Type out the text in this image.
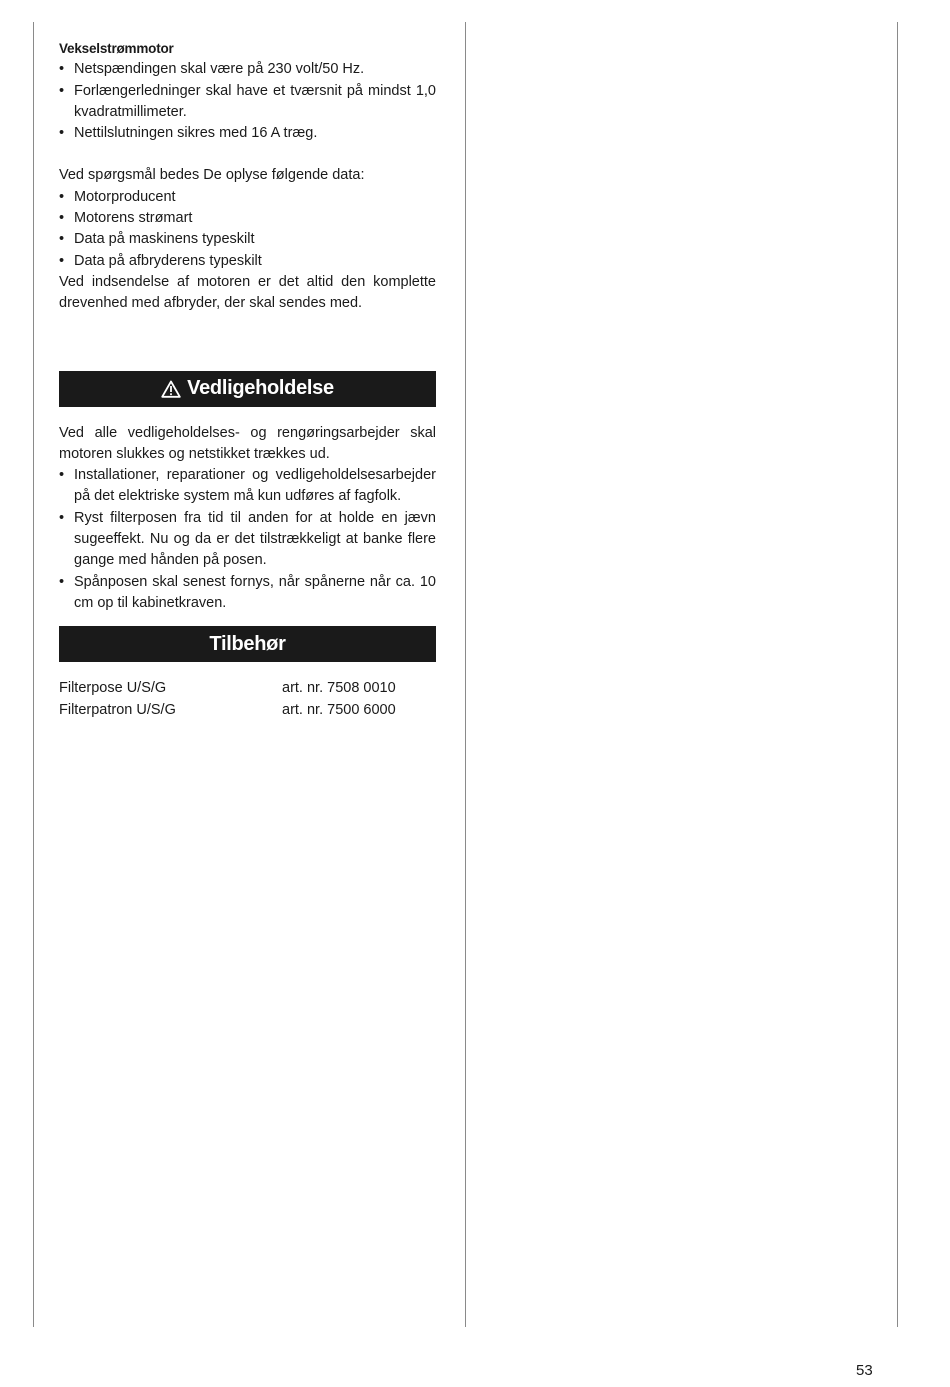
Vekselstrømmotor
• Netspændingen skal være på 230 volt/50 Hz.
• Forlængerledninger skal have et tværsnit på mindst 1,0 kvadratmillimeter.
• Nettilslutningen sikres med 16 A træg.

Ved spørgsmål bedes De oplyse følgende data:

• Motorproducent
• Motorens strømart
• Data på maskinens typeskilt
• Data på afbryderens typeskilt

Ved indsendelse af motoren er det altid den komplette drevenhed med afbryder, der skal sendes med.

Vedligeholdelse

Ved alle vedligeholdelses- og rengøringsarbejder skal motoren slukkes og netstikket trækkes ud.

• Installationer, reparationer og vedligeholdelsesarbejder på det elektriske system må kun udføres af fagfolk.
• Ryst filterposen fra tid til anden for at holde en jævn sugeeffekt. Nu og da er det tilstrækkeligt at banke flere gange med hånden på posen.
• Spånposen skal senest fornys, når spånerne når ca. 10 cm op til kabinetkraven.
Tilbehør
Filterpose U/S/G	art. nr. 7508 0010
Filterpatron U/S/G	art. nr. 7500 6000
53
